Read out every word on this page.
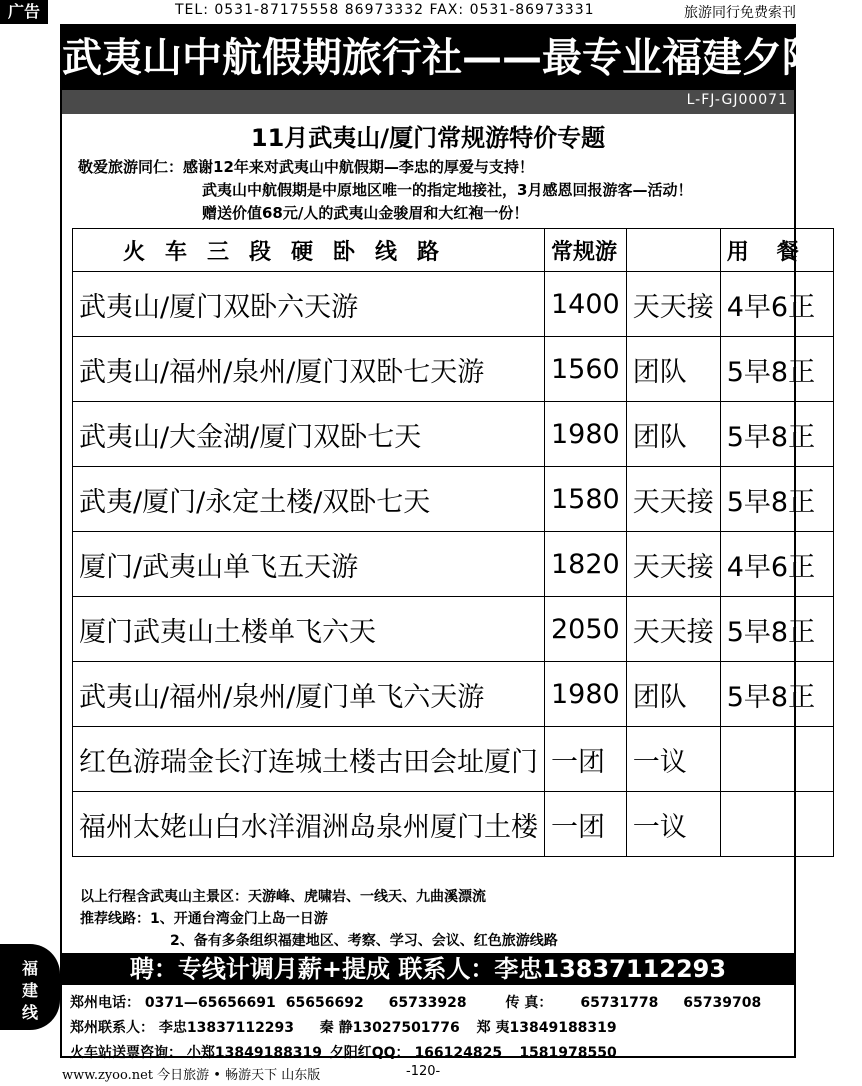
广告	TEL: 0531-87175558 86973332 FAX: 0531-86973331	旅游同行免费索刊
武夷山中航假期旅行社——最专业福建夕阳红
L-FJ-GJ00071
11月武夷山/厦门常规游特价专题
敬爱旅游同仁：感谢12年来对武夷山中航假期—李忠的厚爱与支持！
武夷山中航假期是中原地区唯一的指定地接社，3月感恩回报游客—活动！
赠送价值68元/人的武夷山金骏眉和大红袍一份！
火车三段硬卧线路	常规游		用餐
武夷山/厦门双卧六天游	1400	天天接	4早6正
武夷山/福州/泉州/厦门双卧七天游	1560	团队	5早8正
武夷山/大金湖/厦门双卧七天	1980	团队	5早8正
武夷/厦门/永定土楼/双卧七天	1580	天天接	5早8正
厦门/武夷山单飞五天游	1820	天天接	4早6正
厦门武夷山土楼单飞六天	2050	天天接	5早8正
武夷山/福州/泉州/厦门单飞六天游	1980	团队	5早8正
红色游瑞金长汀连城土楼古田会址厦门	一团	一议	
福州太姥山白水洋湄洲岛泉州厦门土楼	一团	一议	
以上行程含武夷山主景区：天游峰、虎啸岩、一线天、九曲溪漂流
推荐线路：1、开通台湾金门上岛一日游
2、备有多条组织福建地区、考察、学习、会议、红色旅游线路
聘：专线计调月薪+提成 联系人：李忠13837112293
郑州电话： 0371—65656691 65656692 65733928	传 真： 65731778 65739708
郑州联系人： 李忠13837112293 秦 静13027501776 郑 夷13849188319
火车站送票咨询： 小郑13849188319 夕阳红QQ： 166124825 1581978550
福
建
线
www.zyoo.net 今日旅游 • 畅游天下 山东版	-120-
